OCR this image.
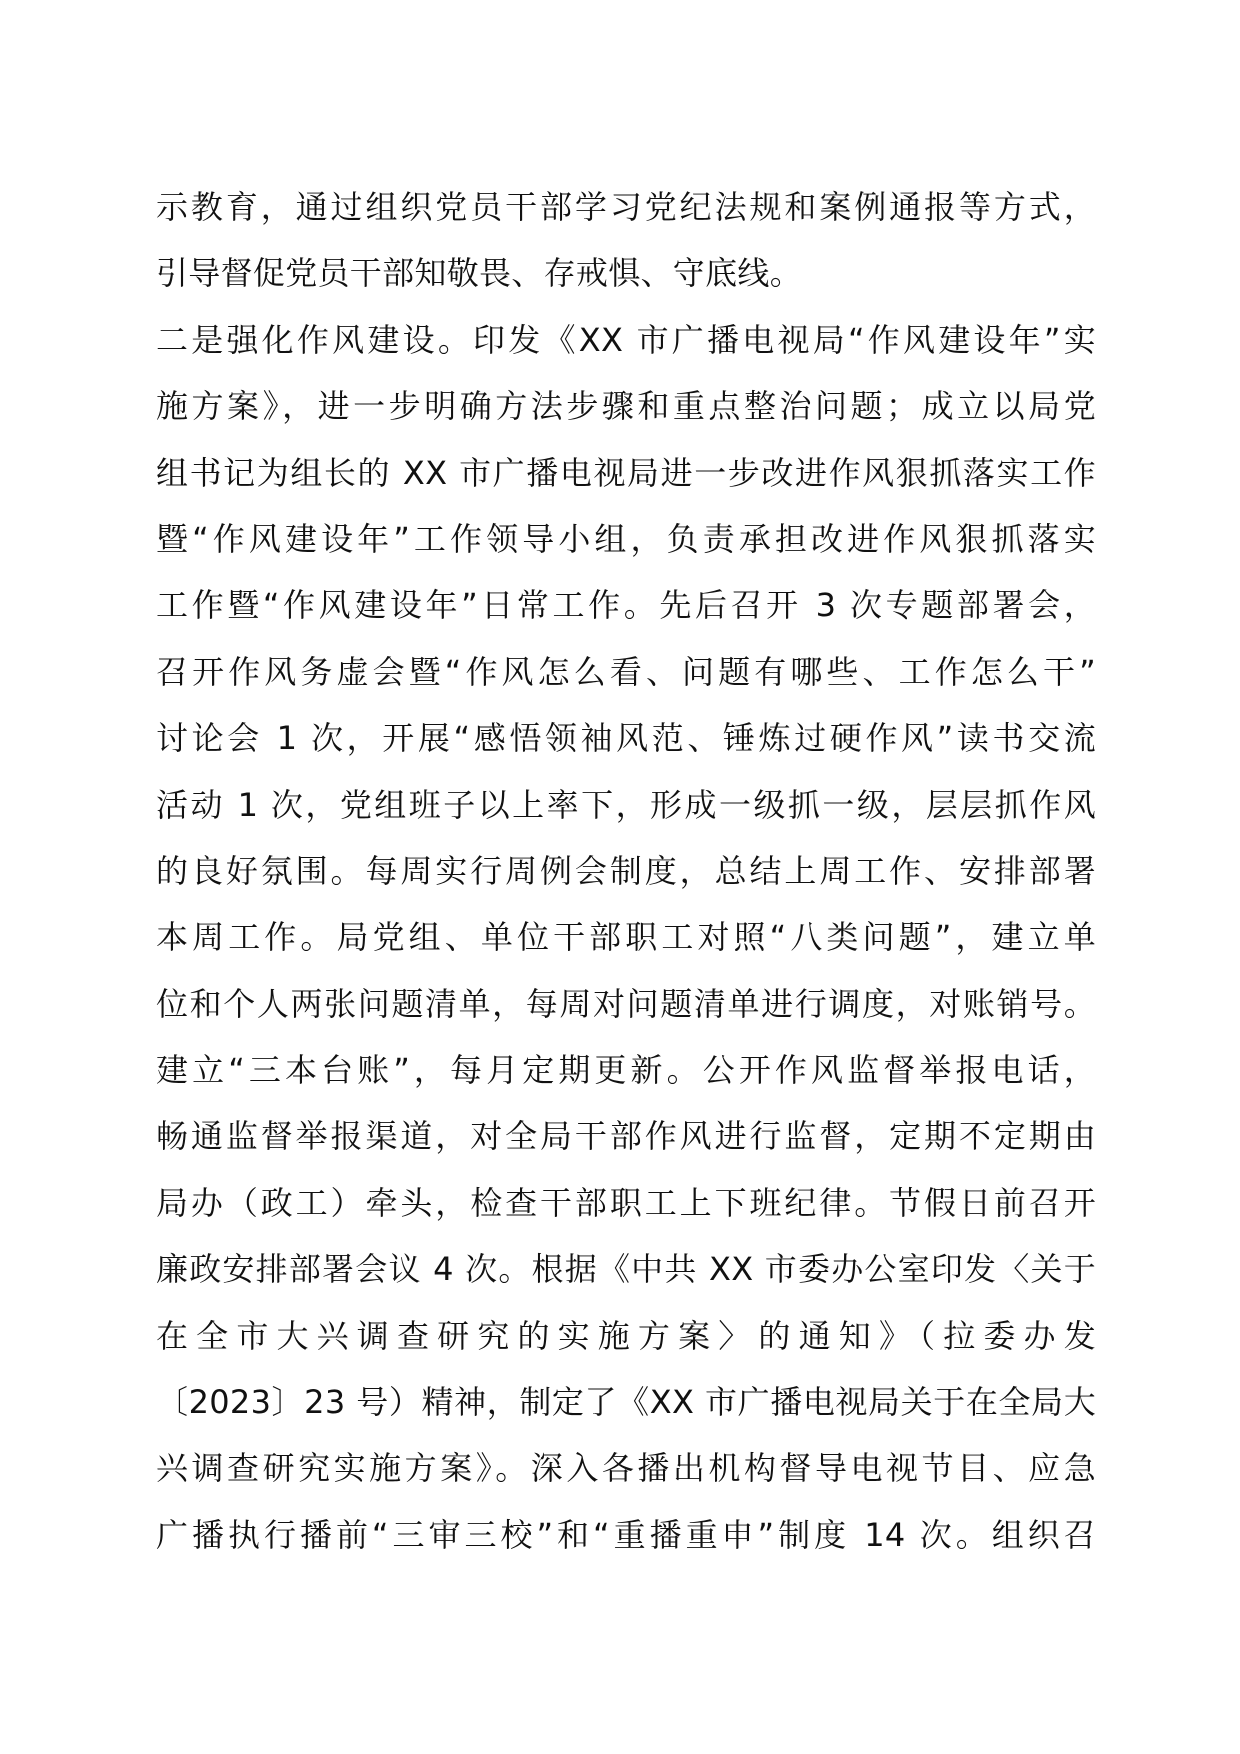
示教育，通过组织党员干部学习党纪法规和案例通报等方式，
引导督促党员干部知敬畏、存戒惧、守底线。
二是强化作风建设。印发《XX 市广播电视局“作风建设年”实
施方案》，进一步明确方法步骤和重点整治问题；成立以局党
组书记为组长的 XX 市广播电视局进一步改进作风狠抓落实工作
暨“作风建设年”工作领导小组，负责承担改进作风狠抓落实
工作暨“作风建设年”日常工作。先后召开 3 次专题部署会，
召开作风务虚会暨“作风怎么看、问题有哪些、工作怎么干”
讨论会 1 次，开展“感悟领袖风范、锤炼过硬作风”读书交流
活动 1 次，党组班子以上率下，形成一级抓一级，层层抓作风
的良好氛围。每周实行周例会制度，总结上周工作、安排部署
本周工作。局党组、单位干部职工对照“八类问题”，建立单
位和个人两张问题清单，每周对问题清单进行调度，对账销号。
建立“三本台账”，每月定期更新。公开作风监督举报电话，
畅通监督举报渠道，对全局干部作风进行监督，定期不定期由
局办（政工）牵头，检查干部职工上下班纪律。节假日前召开
廉政安排部署会议 4 次。根据《中共 XX 市委办公室印发〈关于
在全市大兴调查研究的实施方案〉的通知》（拉委办发
〔2023〕23 号）精神，制定了《XX 市广播电视局关于在全局大
兴调查研究实施方案》。深入各播出机构督导电视节目、应急
广播执行播前“三审三校”和“重播重申”制度 14 次。组织召
